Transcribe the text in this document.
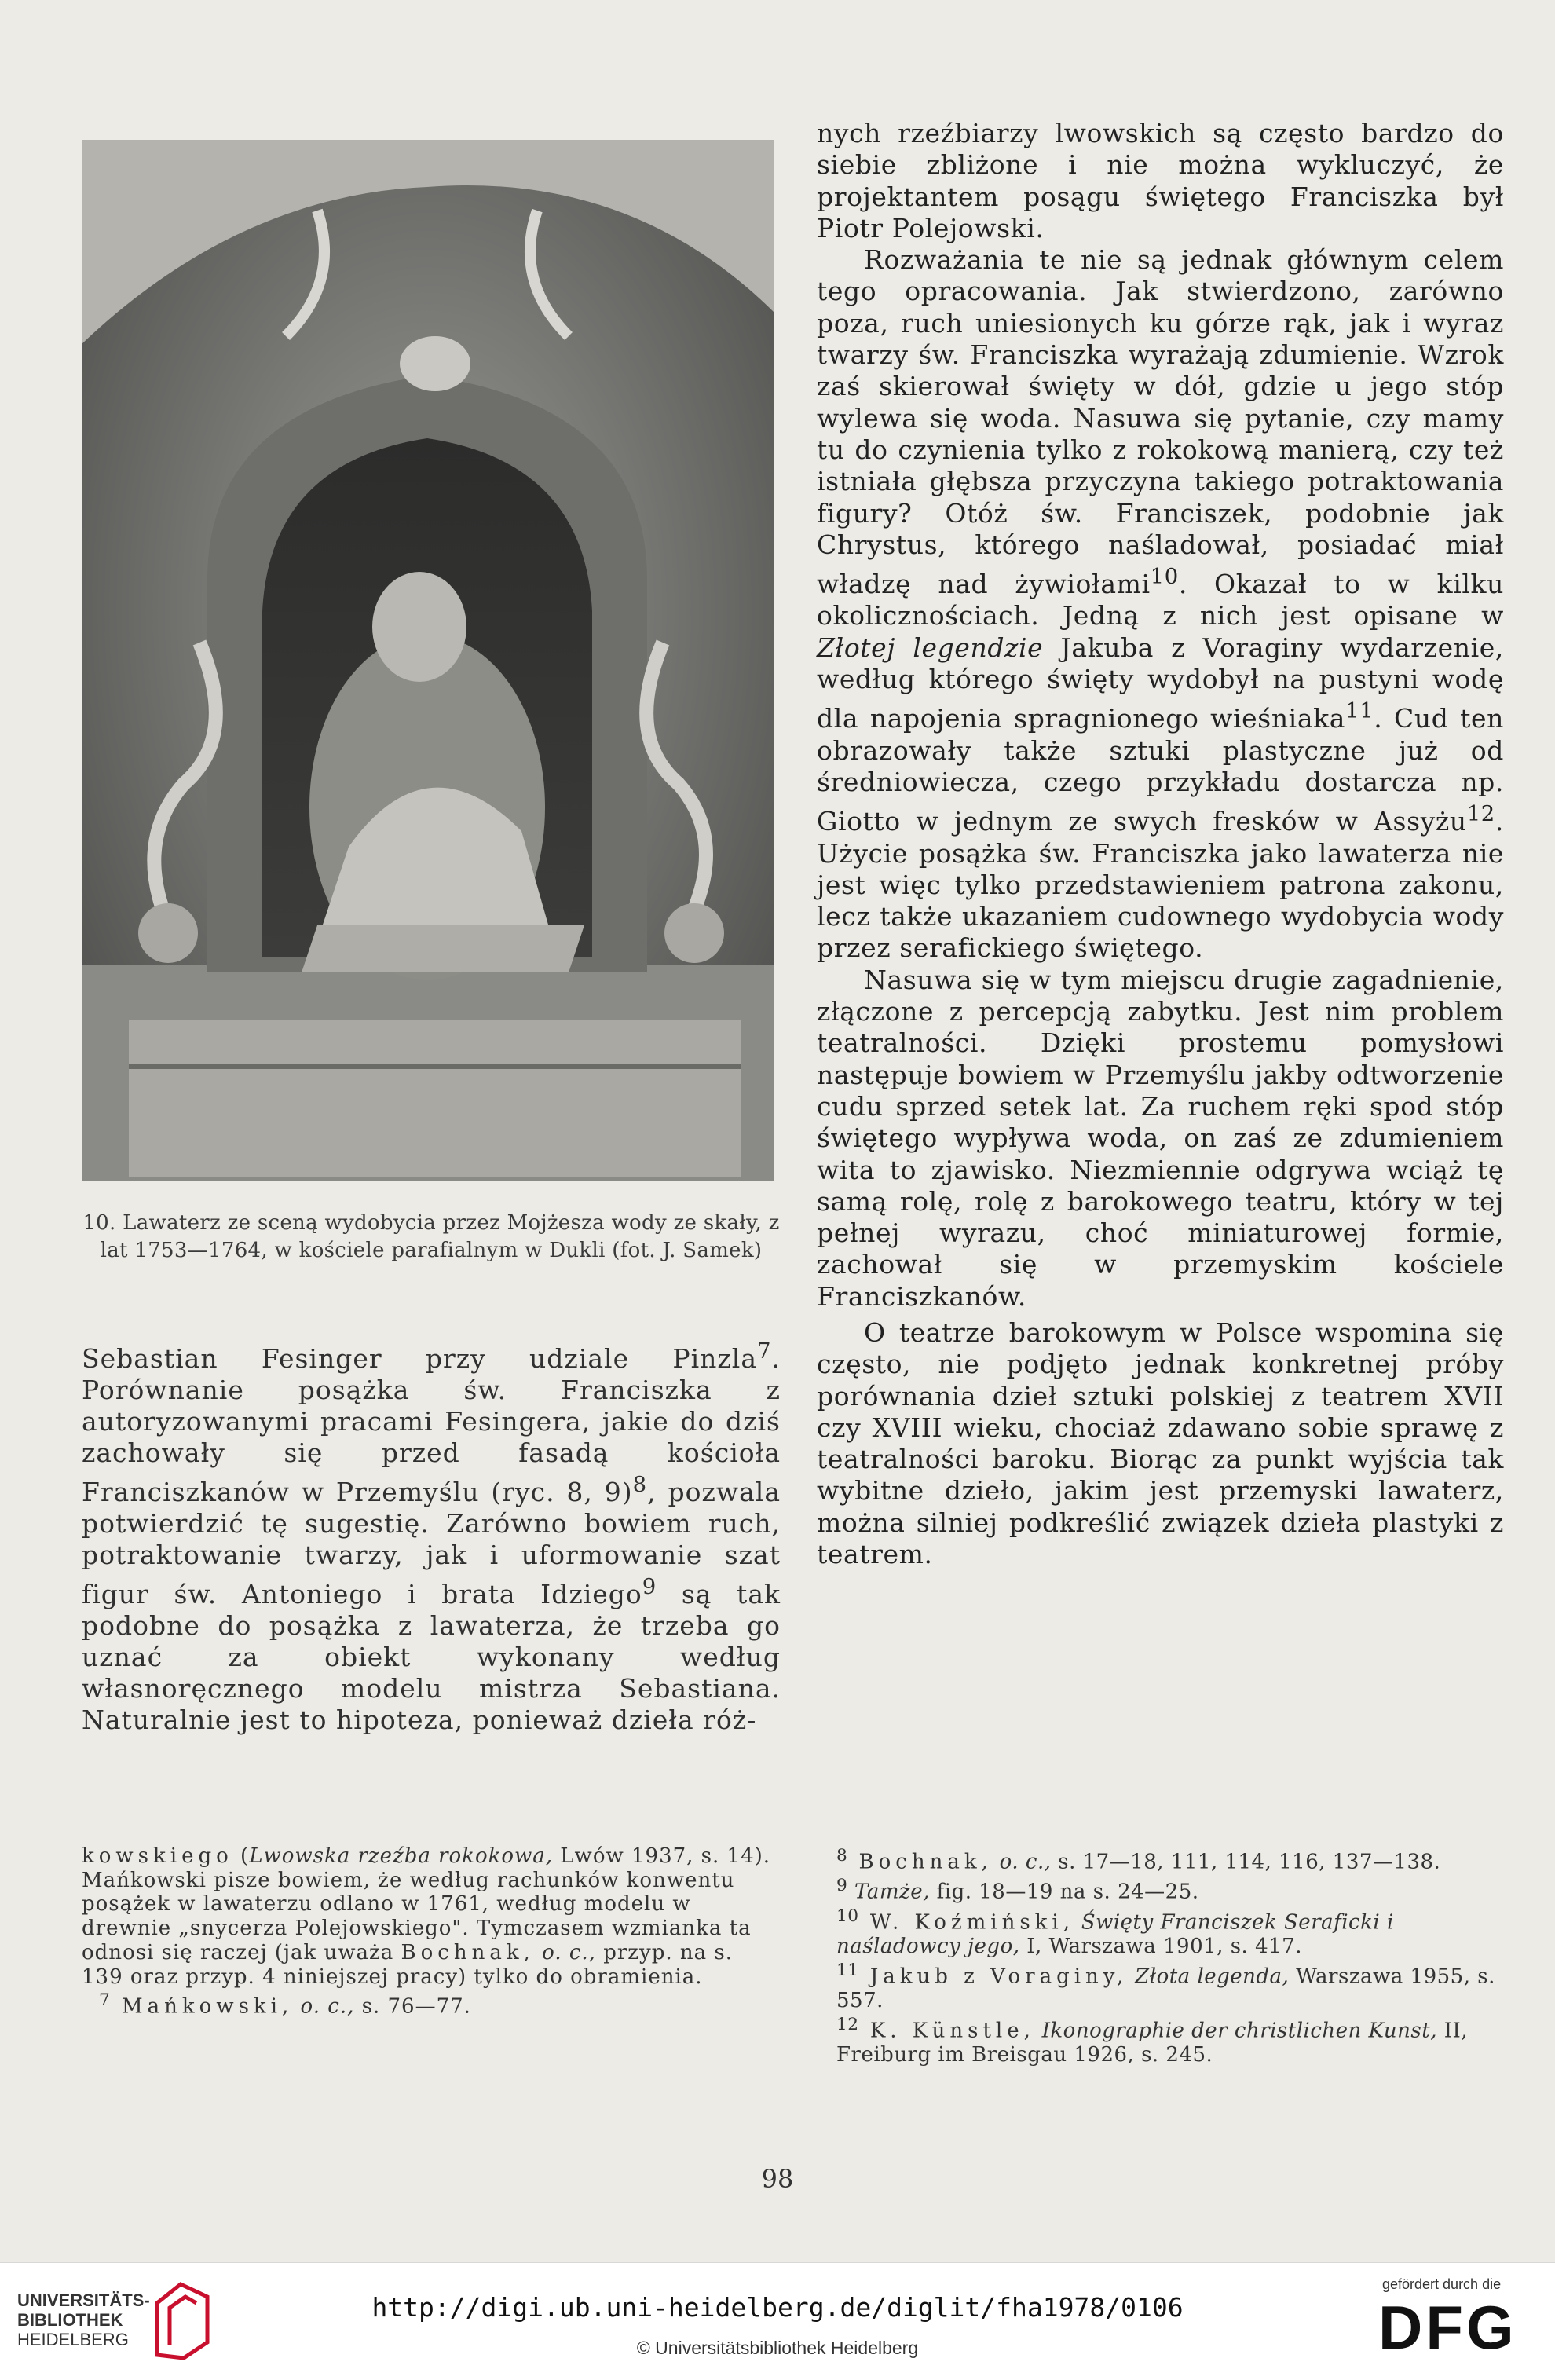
10. Lawaterz ze sceną wydobycia przez Mojżesza wody ze skały, z lat 1753—1764, w kościele parafialnym w Dukli (fot. J. Samek)

Sebastian Fesinger przy udziale Pinzla$^7$. Porównanie posążka św. Franciszka z autoryzowanymi pracami Fesingera, jakie do dziś zachowały się przed fasadą kościoła Franciszkanów w Przemyślu (ryc. 8, 9)$^8$, pozwala potwierdzić tę sugestię. Zarówno bowiem ruch, potraktowanie twarzy, jak i uformowanie szat figur św. Antoniego i brata Idziego$^9$ są tak podobne do posążka z lawaterza, że trzeba go uznać za obiekt wykonany według własnoręcznego modelu mistrza Sebastiana. Naturalnie jest to hipoteza, ponieważ dzieła róż-

nych rzeźbiarzy lwowskich są często bardzo do siebie zbliżone i nie można wykluczyć, że projektantem posągu świętego Franciszka był Piotr Polejowski.

Rozważania te nie są jednak głównym celem tego opracowania. Jak stwierdzono, zarówno poza, ruch uniesionych ku górze rąk, jak i wyraz twarzy św. Franciszka wyrażają zdumienie. Wzrok zaś skierował święty w dół, gdzie u jego stóp wylewa się woda. Nasuwa się pytanie, czy mamy tu do czynienia tylko z rokokową manierą, czy też istniała głębsza przyczyna takiego potraktowania figury? Otóż św. Franciszek, podobnie jak Chrystus, którego naśladował, posiadać miał władzę nad żywiołami$^{10}$. Okazał to w kilku okolicznościach. Jedną z nich jest opisane w Złotej legendzie Jakuba z Voraginy wydarzenie, według którego święty wydobył na pustyni wodę dla napojenia spragnionego wieśniaka$^{11}$. Cud ten obrazowały także sztuki plastyczne już od średniowiecza, czego przykładu dostarcza np. Giotto w jednym ze swych fresków w Assyżu$^{12}$. Użycie posążka św. Franciszka jako lawaterza nie jest więc tylko przedstawieniem patrona zakonu, lecz także ukazaniem cudownego wydobycia wody przez serafickiego świętego.

Nasuwa się w tym miejscu drugie zagadnienie, złączone z percepcją zabytku. Jest nim problem teatralności. Dzięki prostemu pomysłowi następuje bowiem w Przemyślu jakby odtworzenie cudu sprzed setek lat. Za ruchem ręki spod stóp świętego wypływa woda, on zaś ze zdumieniem wita to zjawisko. Niezmiennie odgrywa wciąż tę samą rolę, rolę z barokowego teatru, który w tej pełnej wyrazu, choć miniaturowej formie, zachował się w przemyskim kościele Franciszkanów.

O teatrze barokowym w Polsce wspomina się często, nie podjęto jednak konkretnej próby porównania dzieł sztuki polskiej z teatrem XVII czy XVIII wieku, chociaż zdawano sobie sprawę z teatralności baroku. Biorąc za punkt wyjścia tak wybitne dzieło, jakim jest przemyski lawaterz, można silniej podkreślić związek dzieła plastyki z teatrem.

kowskiego (Lwowska rzeźba rokokowa, Lwów 1937, s. 14). Mańkowski pisze bowiem, że według rachunków konwentu posążek w lawaterzu odlano w 1761, według modelu w drewnie „snycerza Polejowskiego". Tymczasem wzmianka ta odnosi się raczej (jak uważa Bochnak, o. c., przyp. na s. 139 oraz przyp. 4 niniejszej pracy) tylko do obramienia.

$^7$ Mańkowski, o. c., s. 76—77.

$^8$ Bochnak, o. c., s. 17—18, 111, 114, 116, 137—138.

$^9$ Tamże, fig. 18—19 na s. 24—25.

$^{10}$ W. Koźmiński, Święty Franciszek Seraficki i naśladowcy jego, I, Warszawa 1901, s. 417.

$^{11}$ Jakub z Voraginy, Złota legenda, Warszawa 1955, s. 557.

$^{12}$ K. Künstle, Ikonographie der christlichen Kunst, II, Freiburg im Breisgau 1926, s. 245.

98
UNIVERSITÄTS-
BIBLIOTHEK
HEIDELBERG
http://digi.ub.uni-heidelberg.de/diglit/fha1978/0106
© Universitätsbibliothek Heidelberg
gefördert durch die
DFG
